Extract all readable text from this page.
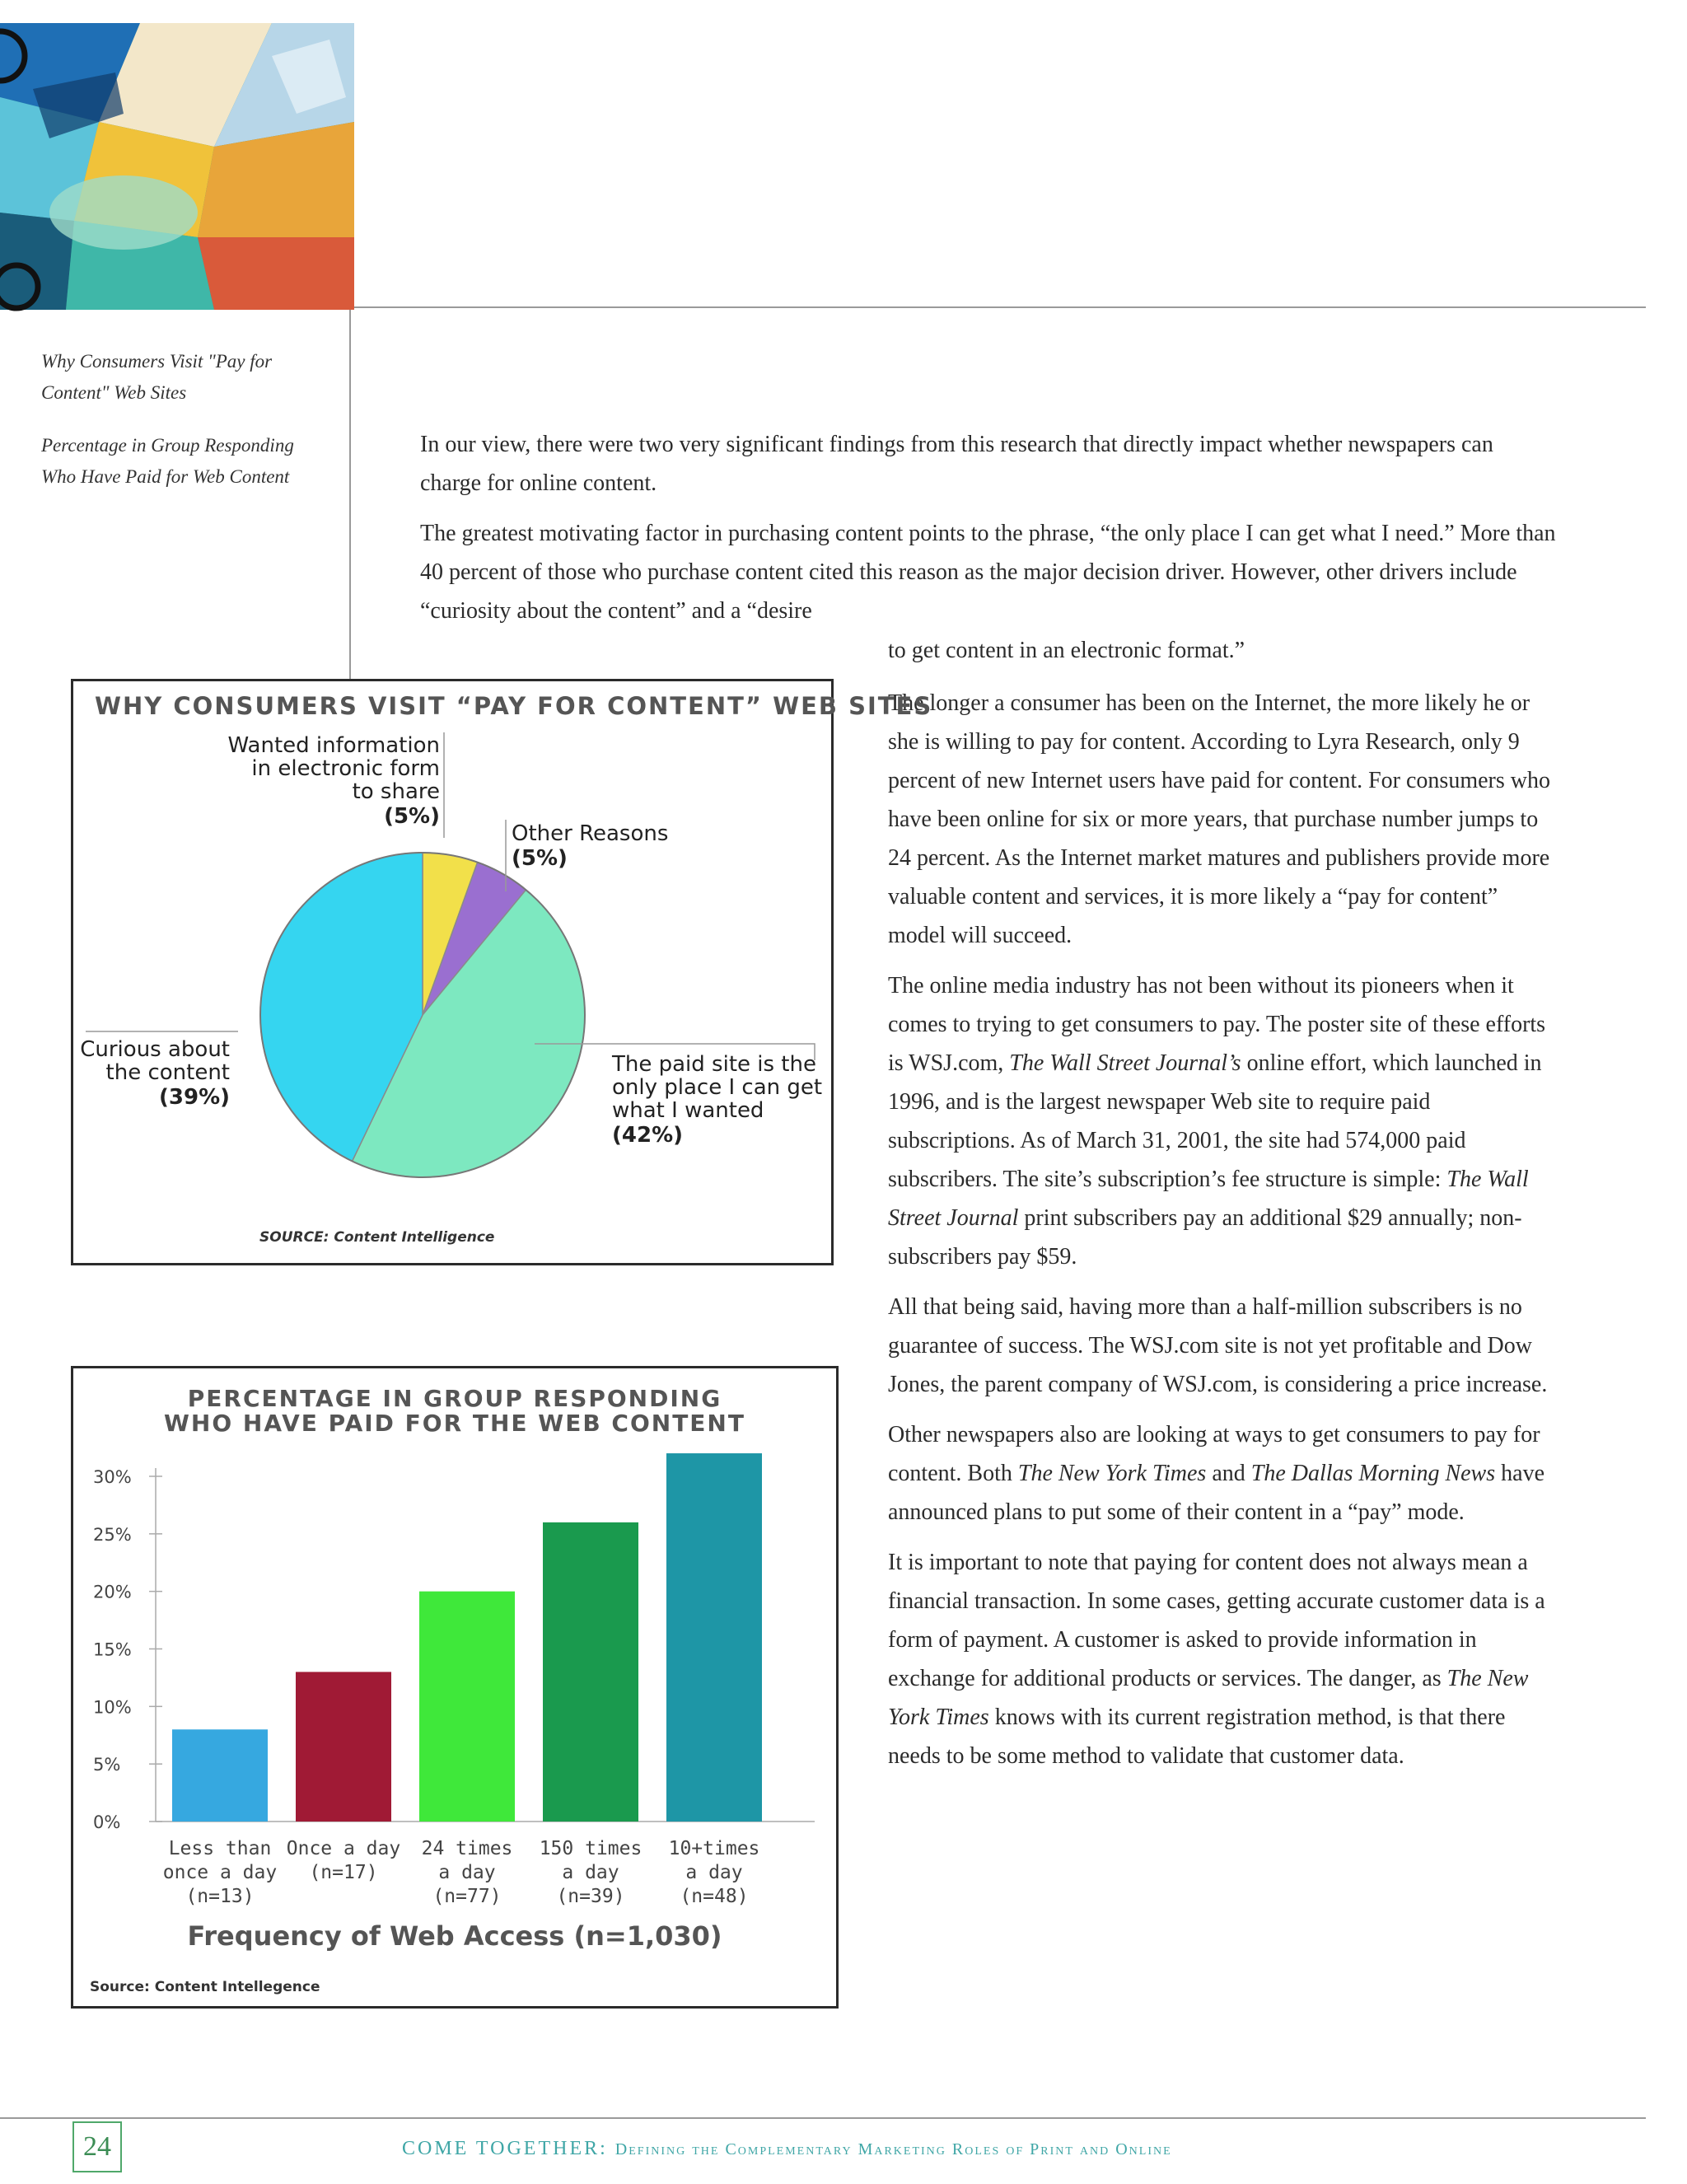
Why Consumers Visit "Pay for Content" Web Sites

Percentage in Group Responding Who Have Paid for Web Content

In our view, there were two very significant findings from this research that directly impact whether newspapers can charge for online content.

The greatest motivating factor in purchasing content points to the phrase, “the only place I can get what I need.” More than 40 percent of those who purchase content cited this reason as the major decision driver. However, other drivers include “curiosity about the content” and a “desire

to get content in an electronic format.”

The longer a consumer has been on the Internet, the more likely he or she is willing to pay for content. According to Lyra Research, only 9 percent of new Internet users have paid for content. For consumers who have been online for six or more years, that purchase number jumps to 24 percent. As the Internet market matures and publishers provide more valuable content and services, it is more likely a “pay for content” model will succeed.

The online media industry has not been without its pioneers when it comes to trying to get consumers to pay. The poster site of these efforts is WSJ.com, The Wall Street Journal’s online effort, which launched in 1996, and is the largest newspaper Web site to require paid subscriptions. As of March 31, 2001, the site had 574,000 paid subscribers. The site’s subscription’s fee structure is simple: The Wall Street Journal print subscribers pay an additional $29 annually; non-subscribers pay $59.

All that being said, having more than a half-million subscribers is no guarantee of success. The WSJ.com site is not yet profitable and Dow Jones, the parent company of WSJ.com, is considering a price increase.

Other newspapers also are looking at ways to get consumers to pay for content. Both The New York Times and The Dallas Morning News have announced plans to put some of their content in a “pay” mode.

It is important to note that paying for content does not always mean a financial transaction. In some cases, getting accurate customer data is a form of payment. A customer is asked to provide information in exchange for additional products or services. The danger, as The New York Times knows with its current registration method, is that there needs to be some method to validate that customer data.

WHY CONSUMERS VISIT “PAY FOR CONTENT” WEB SITES
Wanted information
in electronic form
to share
(5%)
Other Reasons
(5%)
The paid site is the
only place I can get
what I wanted
(42%)
Curious about
the content
(39%)
SOURCE: Content Intelligence
PERCENTAGE IN GROUP RESPONDING
WHO HAVE PAID FOR THE WEB CONTENT
0%
5%
10%
15%
20%
25%
30%
Less than
once a day
(n=13)
Once a day
(n=17)
24 times
a day
(n=77)
150 times
a day
(n=39)
10+times
a day
(n=48)
Frequency of Web Access (n=1,030)
Source: Content Intellegence
24	COME TOGETHER: Defining the Complementary Marketing Roles of Print and Online
